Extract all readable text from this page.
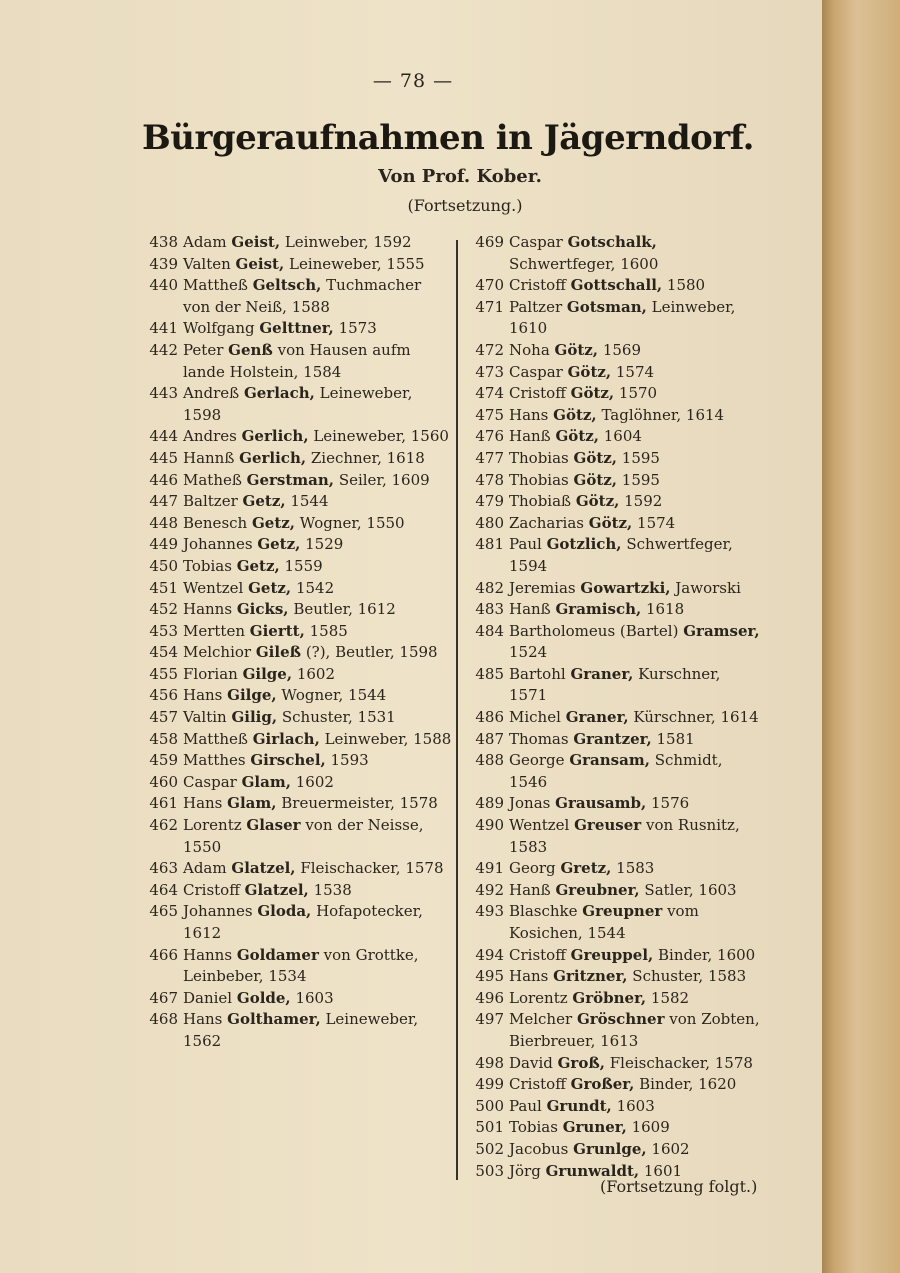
— 78 —
Bürgeraufnahmen in Jägerndorf.
Von Prof. Kober.
(Fortsetzung.)
438 Adam Geist, Leinweber, 1592
439 Valten Geist, Leineweber, 1555
440 Mattheß Geltsch, Tuchmacher von der Neiß, 1588
441 Wolfgang Gelttner, 1573
442 Peter Genß von Hausen aufm lande Holstein, 1584
443 Andreß Gerlach, Leineweber, 1598
444 Andres Gerlich, Leineweber, 1560
445 Hannß Gerlich, Ziechner, 1618
446 Matheß Gerstman, Seiler, 1609
447 Baltzer Getz, 1544
448 Benesch Getz, Wogner, 1550
449 Johannes Getz, 1529
450 Tobias Getz, 1559
451 Wentzel Getz, 1542
452 Hanns Gicks, Beutler, 1612
453 Mertten Giertt, 1585
454 Melchior Gileß (?), Beutler, 1598
455 Florian Gilge, 1602
456 Hans Gilge, Wogner, 1544
457 Valtin Gilig, Schuster, 1531
458 Mattheß Girlach, Leinweber, 1588
459 Matthes Girschel, 1593
460 Caspar Glam, 1602
461 Hans Glam, Breuermeister, 1578
462 Lorentz Glaser von der Neisse, 1550
463 Adam Glatzel, Fleischacker, 1578
464 Cristoff Glatzel, 1538
465 Johannes Gloda, Hofapotecker, 1612
466 Hanns Goldamer von Grottke, Leinbeber, 1534
467 Daniel Golde, 1603
468 Hans Golthamer, Leineweber, 1562
469 Caspar Gotschalk, Schwertfeger, 1600
470 Cristoff Gottschall, 1580
471 Paltzer Gotsman, Leinweber, 1610
472 Noha Götz, 1569
473 Caspar Götz, 1574
474 Cristoff Götz, 1570
475 Hans Götz, Taglöhner, 1614
476 Hanß Götz, 1604
477 Thobias Götz, 1595
478 Thobias Götz, 1595
479 Thobiaß Götz, 1592
480 Zacharias Götz, 1574
481 Paul Gotzlich, Schwertfeger, 1594
482 Jeremias Gowartzki, Jaworski
483 Hanß Gramisch, 1618
484 Bartholomeus (Bartel) Gramser, 1524
485 Bartohl Graner, Kurschner, 1571
486 Michel Graner, Kürschner, 1614
487 Thomas Grantzer, 1581
488 George Gransam, Schmidt, 1546
489 Jonas Grausamb, 1576
490 Wentzel Greuser von Rusnitz, 1583
491 Georg Gretz, 1583
492 Hanß Greubner, Satler, 1603
493 Blaschke Greupner vom Kosichen, 1544
494 Cristoff Greuppel, Binder, 1600
495 Hans Gritzner, Schuster, 1583
496 Lorentz Gröbner, 1582
497 Melcher Gröschner von Zobten, Bierbreuer, 1613
498 David Groß, Fleischacker, 1578
499 Cristoff Großer, Binder, 1620
500 Paul Grundt, 1603
501 Tobias Gruner, 1609
502 Jacobus Grunlge, 1602
503 Jörg Grunwaldt, 1601
(Fortsetzung folgt.)
